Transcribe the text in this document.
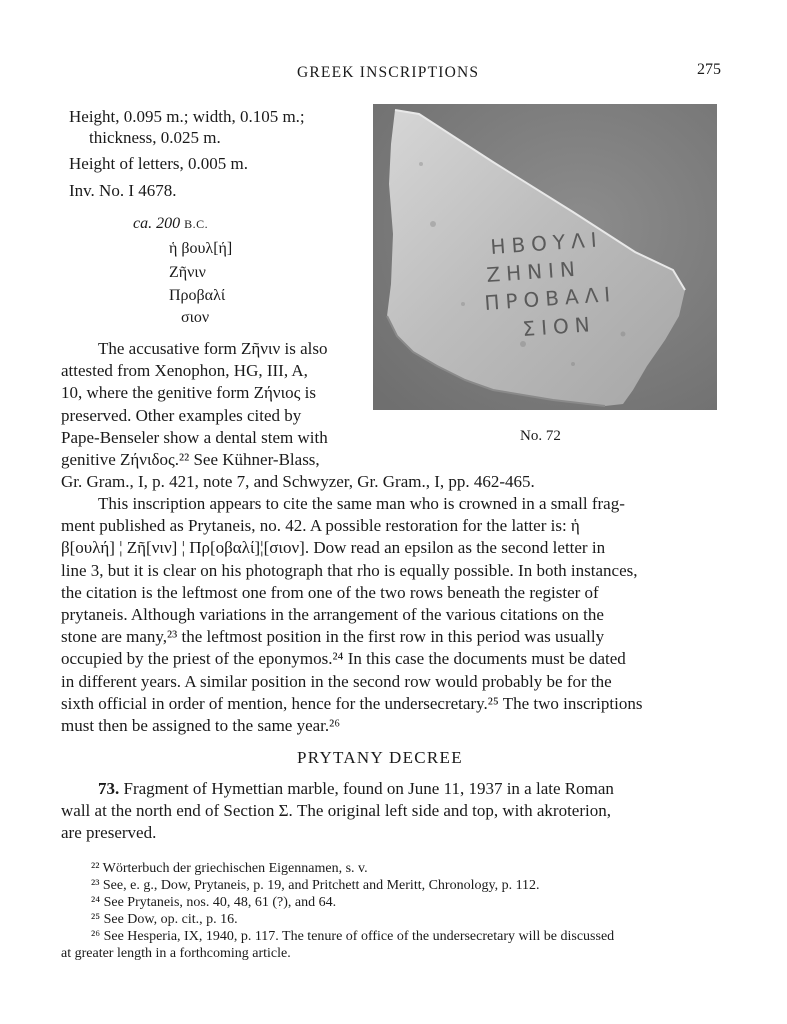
GREEK INSCRIPTIONS	275
Height, 0.095 m.; width, 0.105 m.;
thickness, 0.025 m.
Height of letters, 0.005 m.
Inv. No. I 4678.
ca. 200 B.C.
ἡ βουλ[ή]
Ζῆνιν
Προβαλί
σιον
ΗΒΟΥΛΙ
ΖΗΝΙΝ
ΠΡΟΒΑΛΙ
ΣΙΟΝ
No. 72

The accusative form Ζῆνιν is also

attested from Xenophon, HG, III, A,

10, where the genitive form Ζήνιος is

preserved. Other examples cited by

Pape-Benseler show a dental stem with

genitive Ζήνιδος.²² See Kühner-Blass,

Gr. Gram., I, p. 421, note 7, and Schwyzer, Gr. Gram., I, pp. 462-465.

This inscription appears to cite the same man who is crowned in a small frag-

ment published as Prytaneis, no. 42. A possible restoration for the latter is: ἡ

β[ουλή] ¦ Ζῆ[νιν] ¦ Πρ[οβαλί]¦[σιον]. Dow read an epsilon as the second letter in

line 3, but it is clear on his photograph that rho is equally possible. In both instances,

the citation is the leftmost one from one of the two rows beneath the register of

prytaneis. Although variations in the arrangement of the various citations on the

stone are many,²³ the leftmost position in the first row in this period was usually

occupied by the priest of the eponymos.²⁴ In this case the documents must be dated

in different years. A similar position in the second row would probably be for the

sixth official in order of mention, hence for the undersecretary.²⁵ The two inscriptions

must then be assigned to the same year.²⁶

PRYTANY DECREE

73. Fragment of Hymettian marble, found on June 11, 1937 in a late Roman

wall at the north end of Section Σ. The original left side and top, with akroterion,

are preserved.

²² Wörterbuch der griechischen Eigennamen, s. v.
²³ See, e. g., Dow, Prytaneis, p. 19, and Pritchett and Meritt, Chronology, p. 112.
²⁴ See Prytaneis, nos. 40, 48, 61 (?), and 64.
²⁵ See Dow, op. cit., p. 16.
²⁶ See Hesperia, IX, 1940, p. 117. The tenure of office of the undersecretary will be discussed
at greater length in a forthcoming article.
